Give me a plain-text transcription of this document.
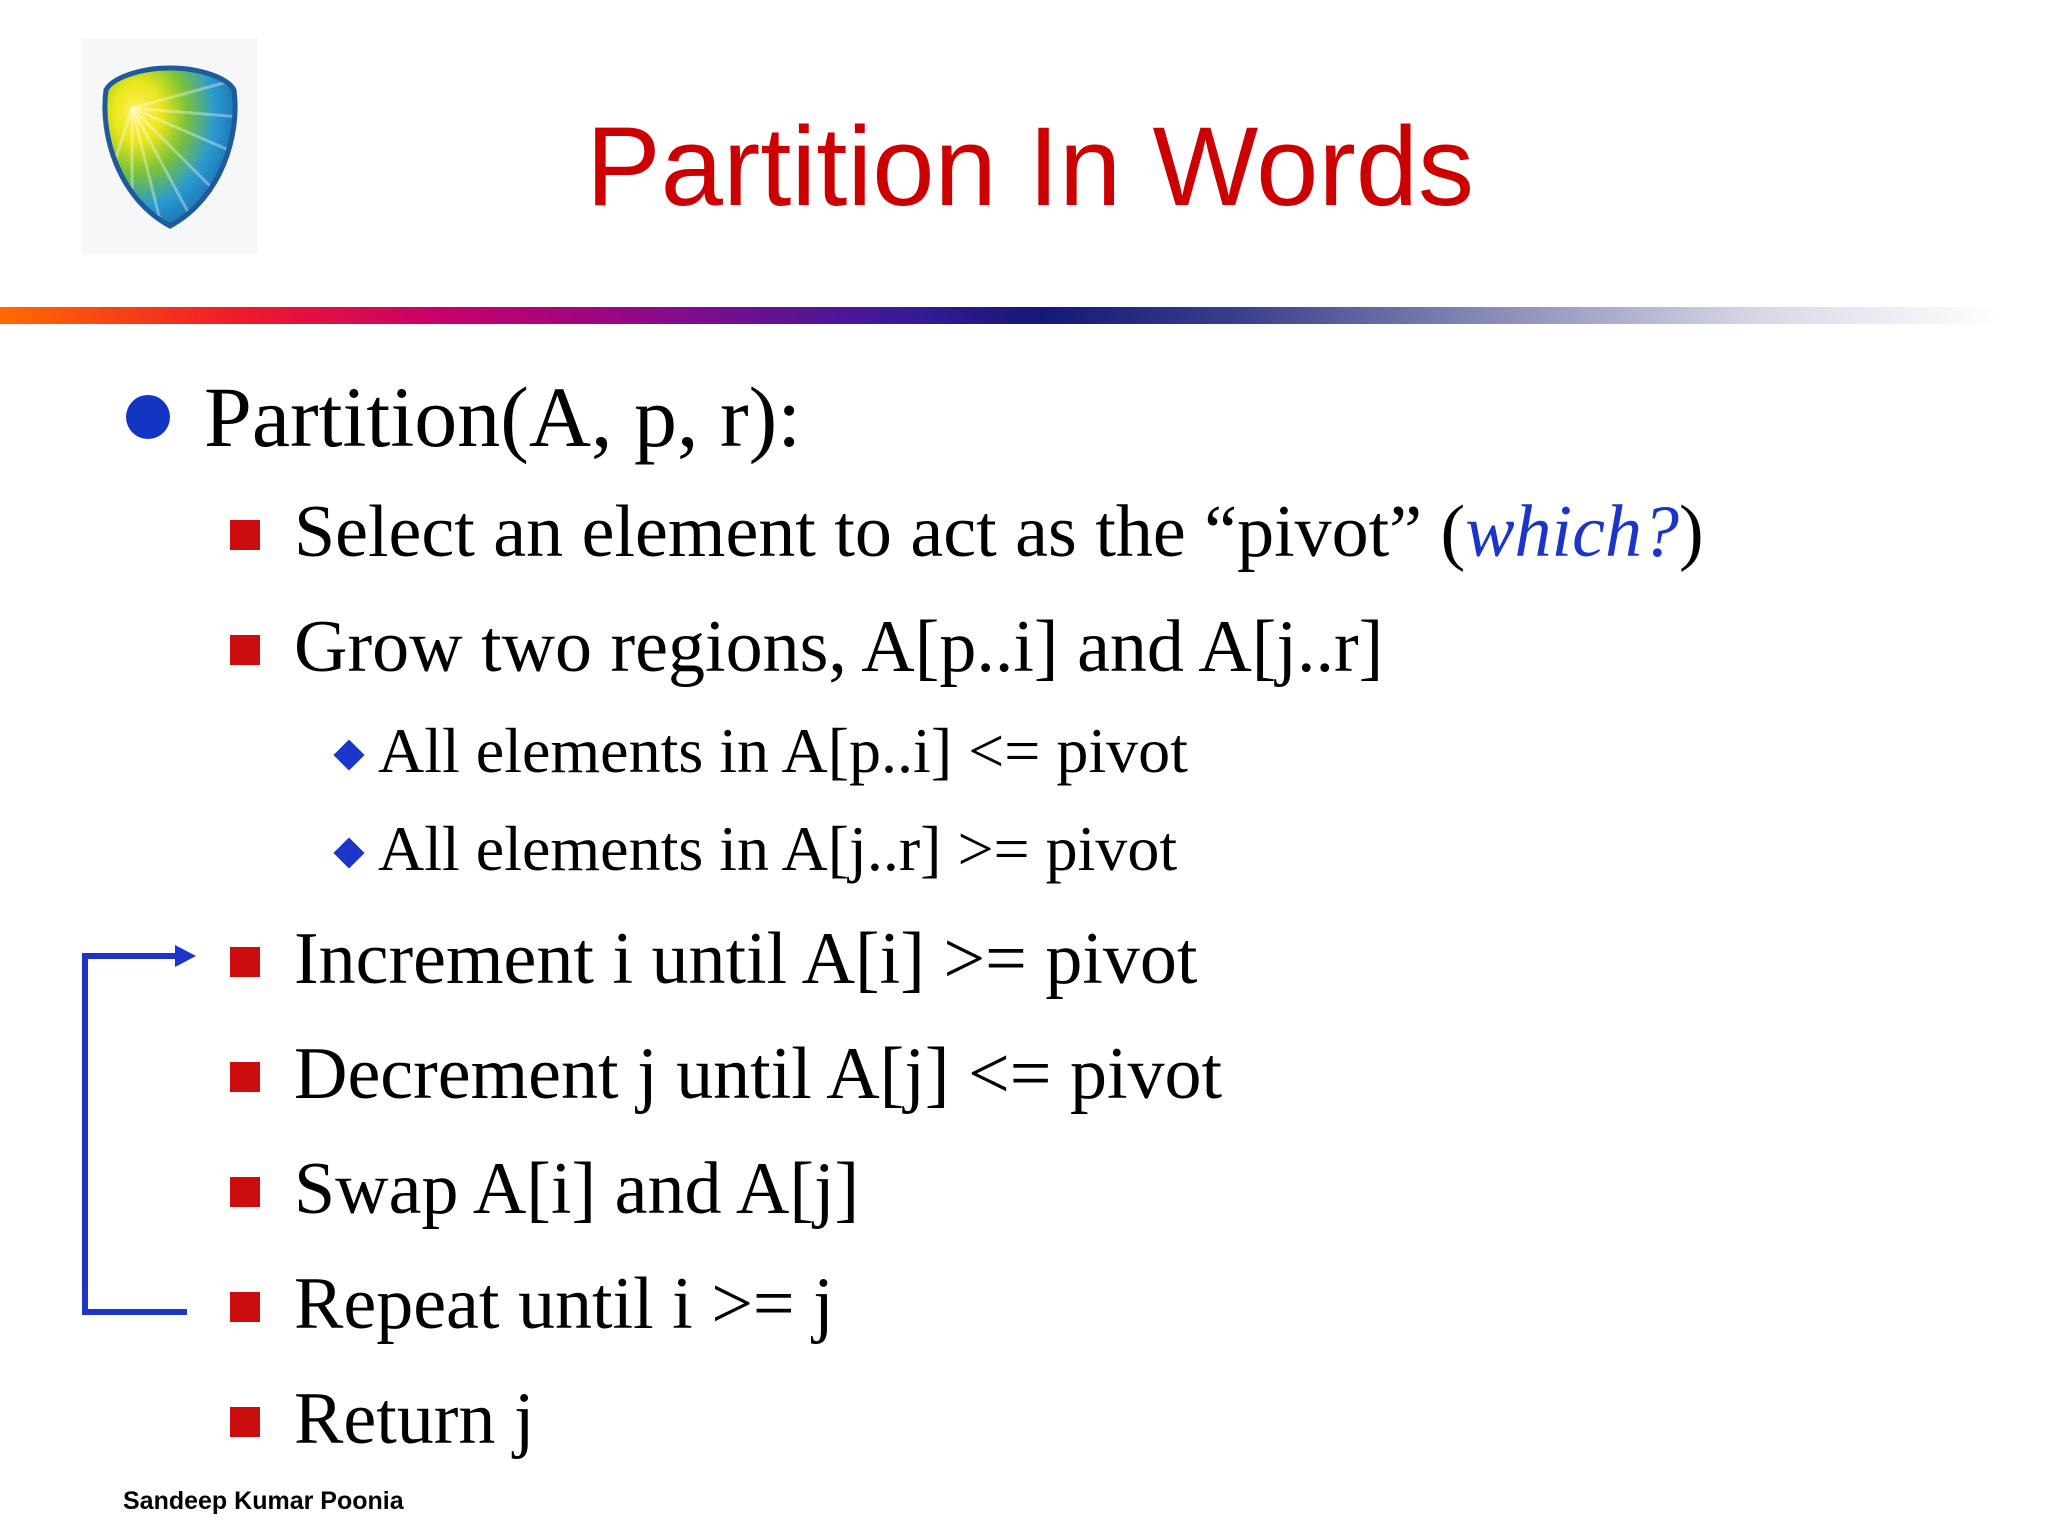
Partition In Words
Partition(A, p, r):
Select an element to act as the “pivot” (which?)
Grow two regions, A[p..i] and A[j..r]
All elements in A[p..i] <= pivot
All elements in A[j..r] >= pivot
Increment i until A[i] >= pivot
Decrement j until A[j] <= pivot
Swap A[i] and A[j]
Repeat until i >= j
Return j
Sandeep Kumar Poonia
